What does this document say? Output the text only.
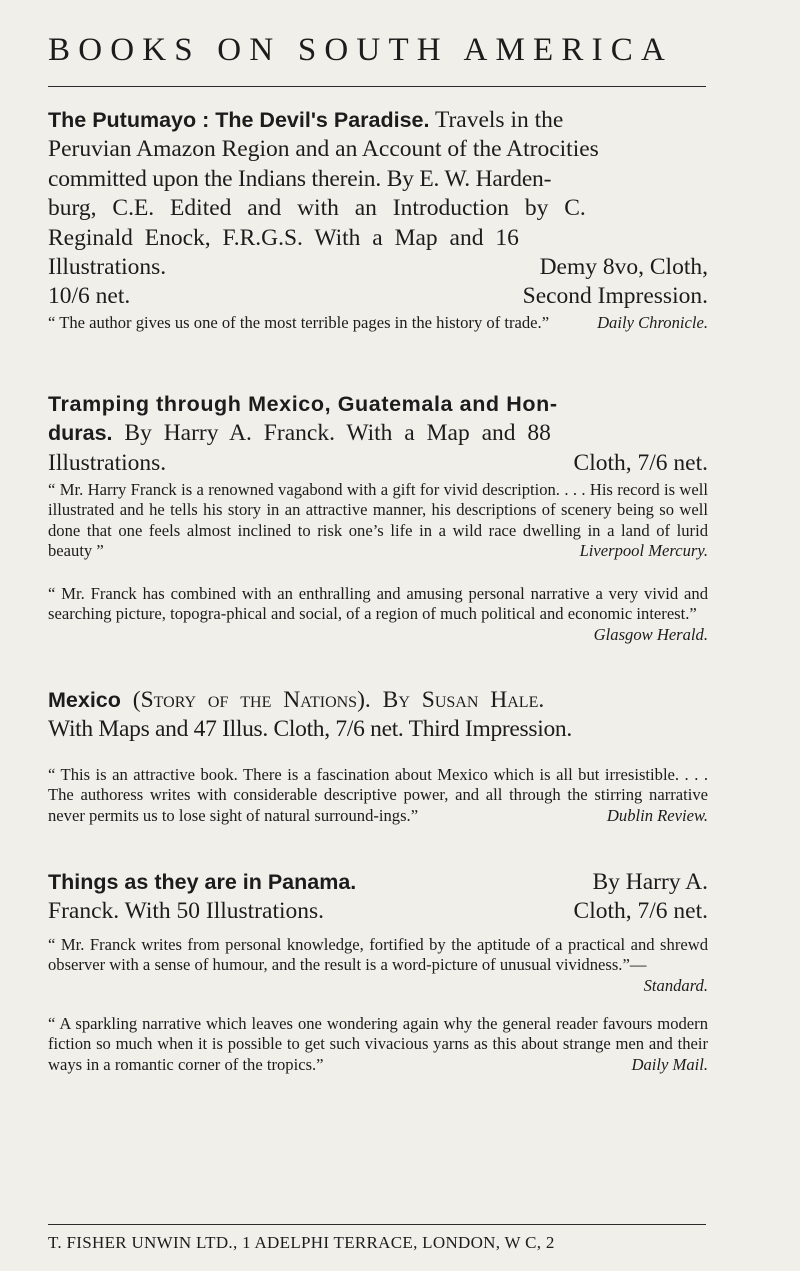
BOOKS ON SOUTH AMERICA
The Putumayo : The Devil's Paradise. Travels in the
Peruvian Amazon Region and an Account of the Atrocities
committed upon the Indians therein. By E. W. Harden-
burg, C.E. Edited and with an Introduction by C.
Reginald Enock, F.R.G.S. With a Map and 16
Illustrations.	Demy 8vo, Cloth,
10/6 net.	Second Impression.
“ The author gives us one of the most terrible pages in the history of trade.”	Daily Chronicle.
Tramping through Mexico, Guatemala and Hon-
duras. By Harry A. Franck. With a Map and 88
Illustrations.	Cloth, 7/6 net.
“ Mr. Harry Franck is a renowned vagabond with a gift for vivid description. . . . His record is well illustrated and he tells his story in an attractive manner, his descriptions of scenery being so well done that one feels almost inclined to risk one’s life in a wild race dwelling in a land of lurid beauty ”	Liverpool Mercury.
“ Mr. Franck has combined with an enthralling and amusing personal narrative a very vivid and searching picture, topogra-phical and social, of a region of much political and economic interest.”
Glasgow Herald.
Mexico (Story of the Nations). By Susan Hale.
With Maps and 47 Illus. Cloth, 7/6 net. Third Impression.
“ This is an attractive book. There is a fascination about Mexico which is all but irresistible. . . . The authoress writes with considerable descriptive power, and all through the stirring narrative never permits us to lose sight of natural surround-ings.”	Dublin Review.
Things as they are in Panama.	By Harry A.
Franck. With 50 Illustrations.	Cloth, 7/6 net.
“ Mr. Franck writes from personal knowledge, fortified by the aptitude of a practical and shrewd observer with a sense of humour, and the result is a word-picture of unusual vividness.”—
Standard.
“ A sparkling narrative which leaves one wondering again why the general reader favours modern fiction so much when it is possible to get such vivacious yarns as this about strange men and their ways in a romantic corner of the tropics.”	Daily Mail.
T. FISHER UNWIN LTD., 1 ADELPHI TERRACE, LONDON, W C, 2
